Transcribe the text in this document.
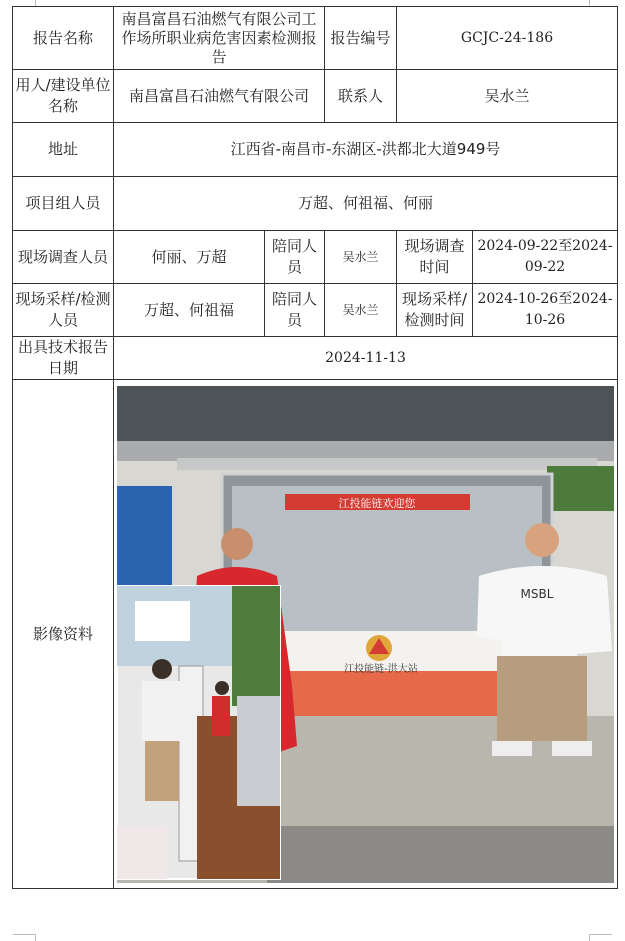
报告名称	南昌富昌石油燃气有限公司工作场所职业病危害因素检测报告		报告编号	GCJC-24-186	
用人/建设单位名称	南昌富昌石油燃气有限公司		联系人	吴水兰	
地址	江西省-南昌市-东湖区-洪都北大道949号				
项目组人员	万超、何祖福、何丽				
现场调查人员	何丽、万超	陪同人员	吴水兰	现场调查时间	2024-09-22至2024-09-22
现场采样/检测人员	万超、何祖福	陪同人员	吴水兰	现场采样/检测时间	2024-10-26至2024-10-26
出具技术报告日期	2024-11-13				
影像资料	江投能链欢迎您
江投能链-洪大站
MSBL				
